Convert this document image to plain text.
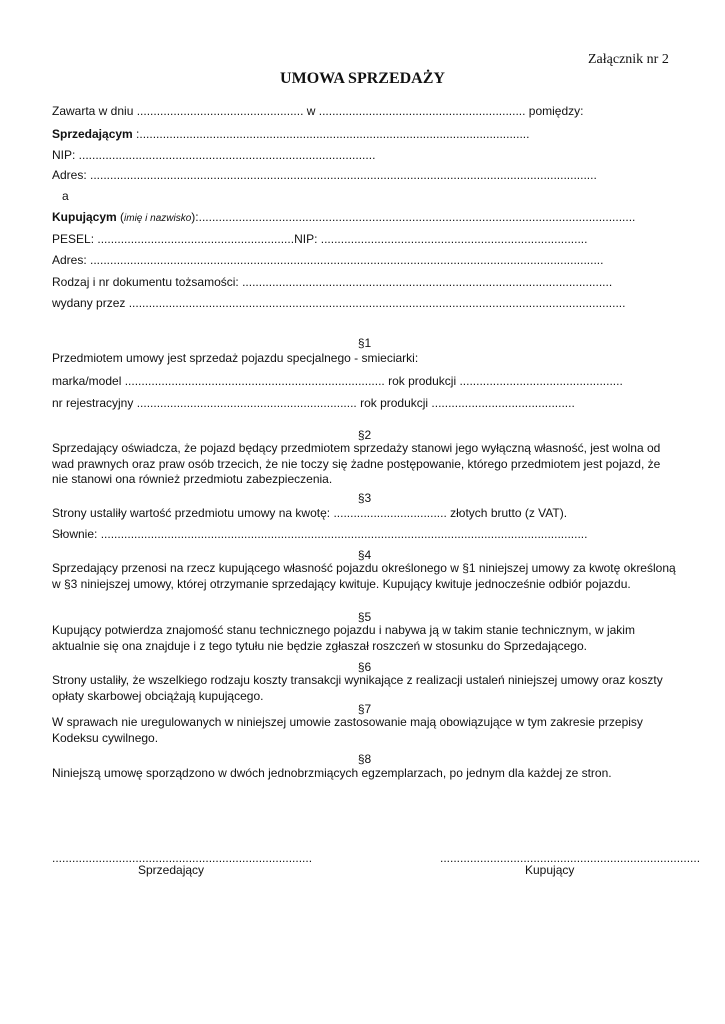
Załącznik nr 2
UMOWA SPRZEDAŻY
Zawarta w dniu .................................................. w .............................................................. pomiędzy:
Sprzedającym :.....................................................................................................................
NIP: .........................................................................................
Adres: ........................................................................................................................................................
a
Kupującym (imię i nazwisko):...................................................................................................................................
PESEL: ...........................................................NIP: ................................................................................
Adres: ..........................................................................................................................................................
Rodzaj i nr dokumentu tożsamości: ...............................................................................................................
wydany przez .....................................................................................................................................................
§1
Przedmiotem umowy jest sprzedaż pojazdu specjalnego - smieciarki:
marka/model .............................................................................. rok produkcji .................................................
nr rejestracyjny .................................................................. rok produkcji ...........................................
§2
Sprzedający oświadcza, że pojazd będący przedmiotem sprzedaży stanowi jego wyłączną własność, jest wolna od wad prawnych oraz praw osób trzecich, że nie toczy się żadne postępowanie, którego przedmiotem jest pojazd, że nie stanowi ona również przedmiotu zabezpieczenia.
§3
Strony ustaliły wartość przedmiotu umowy na kwotę: .................................. złotych brutto (z VAT).
Słownie: ..................................................................................................................................................
§4
Sprzedający przenosi na rzecz kupującego własność pojazdu określonego w §1 niniejszej umowy za kwotę określoną w §3 niniejszej umowy, której otrzymanie sprzedający kwituje. Kupujący kwituje jednocześnie odbiór pojazdu.
§5
Kupujący potwierdza znajomość stanu technicznego pojazdu i nabywa ją w takim stanie technicznym, w jakim aktualnie się ona znajduje i z tego tytułu nie będzie zgłaszał roszczeń w stosunku do Sprzedającego.
§6
Strony ustaliły, że wszelkiego rodzaju koszty transakcji wynikające z realizacji ustaleń niniejszej umowy oraz koszty opłaty skarbowej obciążają kupującego.
§7
W sprawach nie uregulowanych w niniejszej umowie zastosowanie mają obowiązujące w tym zakresie przepisy Kodeksu cywilnego.
§8
Niniejszą umowę sporządzono w dwóch jednobrzmiących egzemplarzach, po jednym dla każdej ze stron.
..............................................................................
Sprzedający
..............................................................................
Kupujący
